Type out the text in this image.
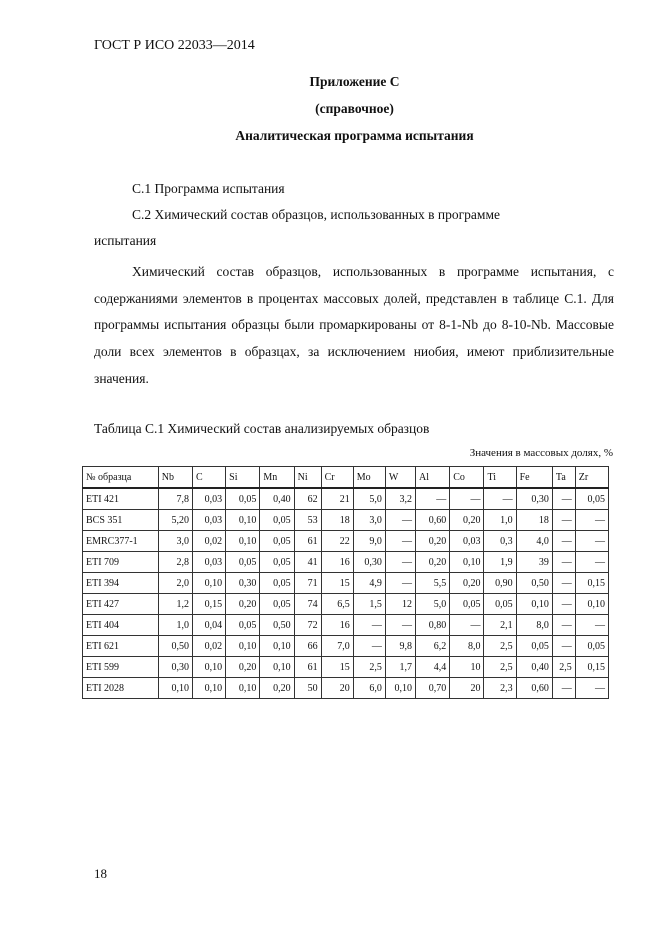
ГОСТ Р ИСО 22033—2014
Приложение С
(справочное)
Аналитическая программа испытания
С.1 Программа испытания
С.2 Химический состав образцов, использованных в программе
испытания
Химический состав образцов, использованных в программе испытания, с содержаниями элементов в процентах массовых долей, представлен в таблице С.1. Для программы испытания образцы были промаркированы от 8-1-Nb до 8-10-Nb. Массовые доли всех элементов в образцах, за исключением ниобия, имеют приблизительные значения.
Таблица С.1 Химический состав анализируемых образцов
Значения в массовых долях, %
№ образца	Nb	C	Si	Mn	Ni	Cr	Mo	W	Al	Co	Ti	Fe	Ta	Zr
ETI 421	7,8	0,03	0,05	0,40	62	21	5,0	3,2	—	—	—	0,30	—	0,05
BCS 351	5,20	0,03	0,10	0,05	53	18	3,0	—	0,60	0,20	1,0	18	—	—
EMRC377-1	3,0	0,02	0,10	0,05	61	22	9,0	—	0,20	0,03	0,3	4,0	—	—
ETI 709	2,8	0,03	0,05	0,05	41	16	0,30	—	0,20	0,10	1,9	39	—	—
ETI 394	2,0	0,10	0,30	0,05	71	15	4,9	—	5,5	0,20	0,90	0,50	—	0,15
ETI 427	1,2	0,15	0,20	0,05	74	6,5	1,5	12	5,0	0,05	0,05	0,10	—	0,10
ETI 404	1,0	0,04	0,05	0,50	72	16	—	—	0,80	—	2,1	8,0	—	—
ETI 621	0,50	0,02	0,10	0,10	66	7,0	—	9,8	6,2	8,0	2,5	0,05	—	0,05
ETI 599	0,30	0,10	0,20	0,10	61	15	2,5	1,7	4,4	10	2,5	0,40	2,5	0,15
ETI 2028	0,10	0,10	0,10	0,20	50	20	6,0	0,10	0,70	20	2,3	0,60	—	—
18
